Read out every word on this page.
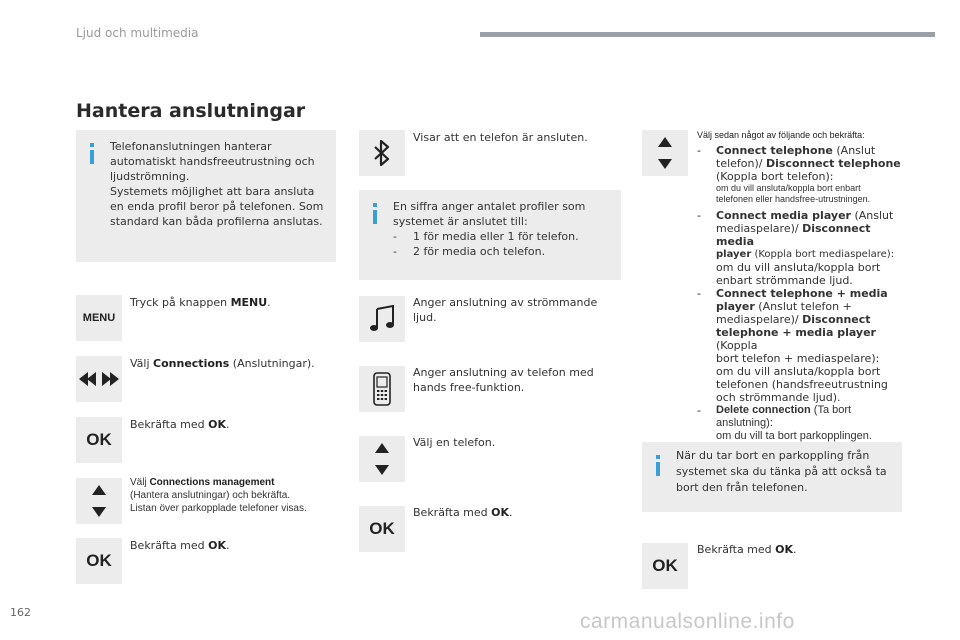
Ljud och multimedia
Hantera anslutningar
Telefonanslutningen hanterar
automatiskt handsfreeutrustning och
ljudströmning.
Systemets möjlighet att bara ansluta
en enda profil beror på telefonen. Som
standard kan båda profilerna anslutas.
MENU
Tryck på knappen MENU.
Välj Connections (Anslutningar).
OK
Bekräfta med OK.
Välj Connections management
(Hantera anslutningar) och bekräfta.
Listan över parkopplade telefoner visas.
OK
Bekräfta med OK.
Visar att en telefon är ansluten.
En siffra anger antalet profiler som
systemet är anslutet till:
-	1 för media eller 1 för telefon.
-	2 för media och telefon.
Anger anslutning av strömmande
ljud.
Anger anslutning av telefon med
hands free-funktion.
Välj en telefon.
OK
Bekräfta med OK.
Välj sedan något av följande och bekräfta:
-	Connect telephone (Anslut
telefon)/ Disconnect telephone
(Koppla bort telefon):
om du vill ansluta/koppla bort enbart
telefonen eller handsfree-utrustningen.
-	Connect media player (Anslut
mediaspelare)/ Disconnect media
player (Koppla bort mediaspelare):
om du vill ansluta/koppla bort
enbart strömmande ljud.
-	Connect telephone + media
player (Anslut telefon +
mediaspelare)/ Disconnect
telephone + media player (Koppla
bort telefon + mediaspelare):
om du vill ansluta/koppla bort
telefonen (handsfreeutrustning
och strömmande ljud).
-	Delete connection (Ta bort anslutning):
om du vill ta bort parkopplingen.
När du tar bort en parkoppling från
systemet ska du tänka på att också ta
bort den från telefonen.
OK
Bekräfta med OK.
162	carmanualsonline.info
